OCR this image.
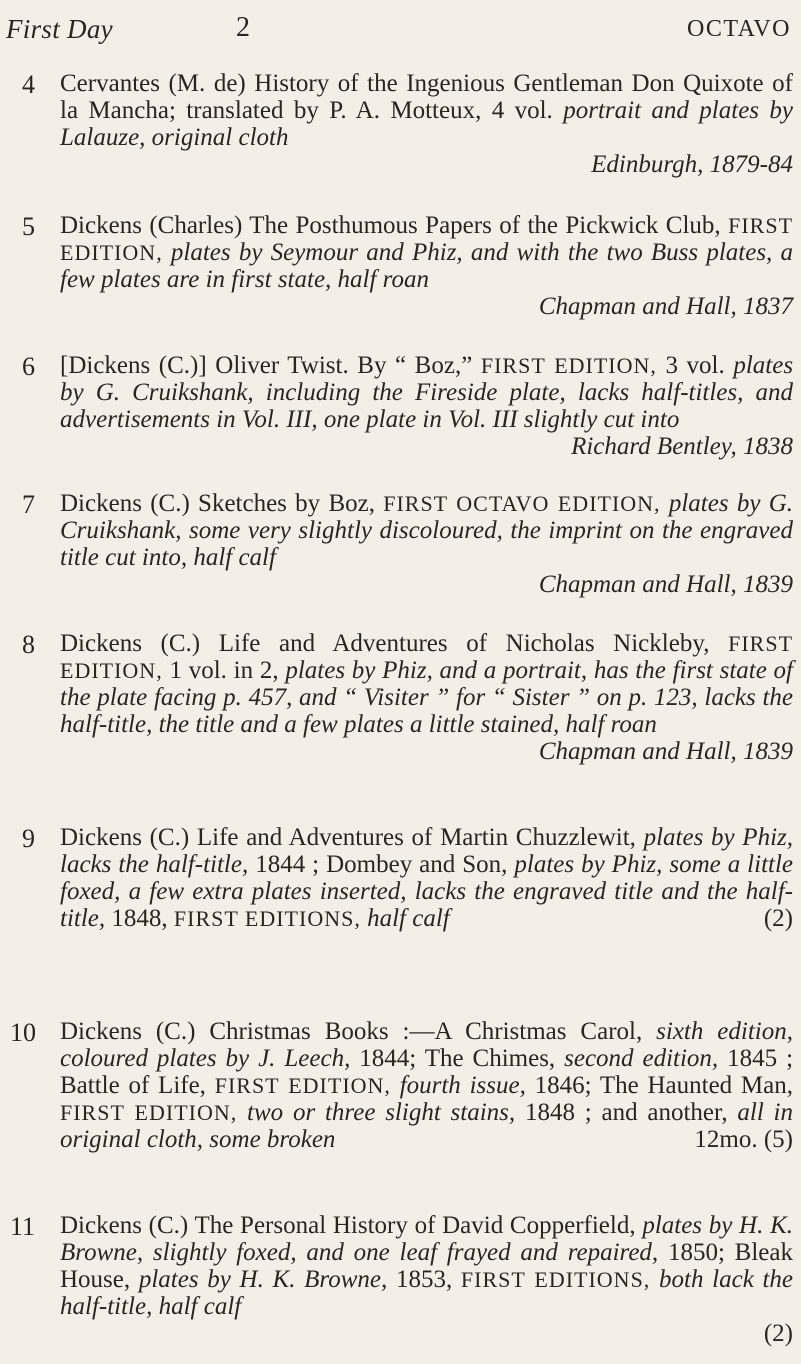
First Day	2	OCTAVO
4	Cervantes (M. de) History of the Ingenious Gentleman Don Quixote of la Mancha; translated by P. A. Motteux, 4 vol. portrait and plates by Lalauze, original cloth
Edinburgh, 1879-84
5	Dickens (Charles) The Posthumous Papers of the Pickwick Club, FIRST EDITION, plates by Seymour and Phiz, and with the two Buss plates, a few plates are in first state, half roan
Chapman and Hall, 1837
6	[Dickens (C.)] Oliver Twist. By “ Boz,” FIRST EDITION, 3 vol. plates by G. Cruikshank, including the Fireside plate, lacks half-titles, and advertisements in Vol. III, one plate in Vol. III slightly cut into
Richard Bentley, 1838
7	Dickens (C.) Sketches by Boz, FIRST OCTAVO EDITION, plates by G. Cruikshank, some very slightly discoloured, the imprint on the engraved title cut into, half calf
Chapman and Hall, 1839
8	Dickens (C.) Life and Adventures of Nicholas Nickleby, FIRST EDITION, 1 vol. in 2, plates by Phiz, and a portrait, has the first state of the plate facing p. 457, and “ Visiter ” for “ Sister ” on p. 123, lacks the half-title, the title and a few plates a little stained, half roan
Chapman and Hall, 1839
9	Dickens (C.) Life and Adventures of Martin Chuzzlewit, plates by Phiz, lacks the half-title, 1844 ; Dombey and Son, plates by Phiz, some a little foxed, a few extra plates inserted, lacks the engraved title and the half-title, 1848, FIRST EDITIONS, half calf	(2)
10 Dickens (C.) Christmas Books :—A Christmas Carol, sixth edition, coloured plates by J. Leech, 1844; The Chimes, second edition, 1845 ; Battle of Life, FIRST EDITION, fourth issue, 1846; The Haunted Man, FIRST EDITION, two or three slight stains, 1848 ; and another, all in original cloth, some broken	12mo. (5)
11 Dickens (C.) The Personal History of David Copperfield, plates by H. K. Browne, slightly foxed, and one leaf frayed and repaired, 1850; Bleak House, plates by H. K. Browne, 1853, FIRST EDITIONS, both lack the half-title, half calf
(2)
